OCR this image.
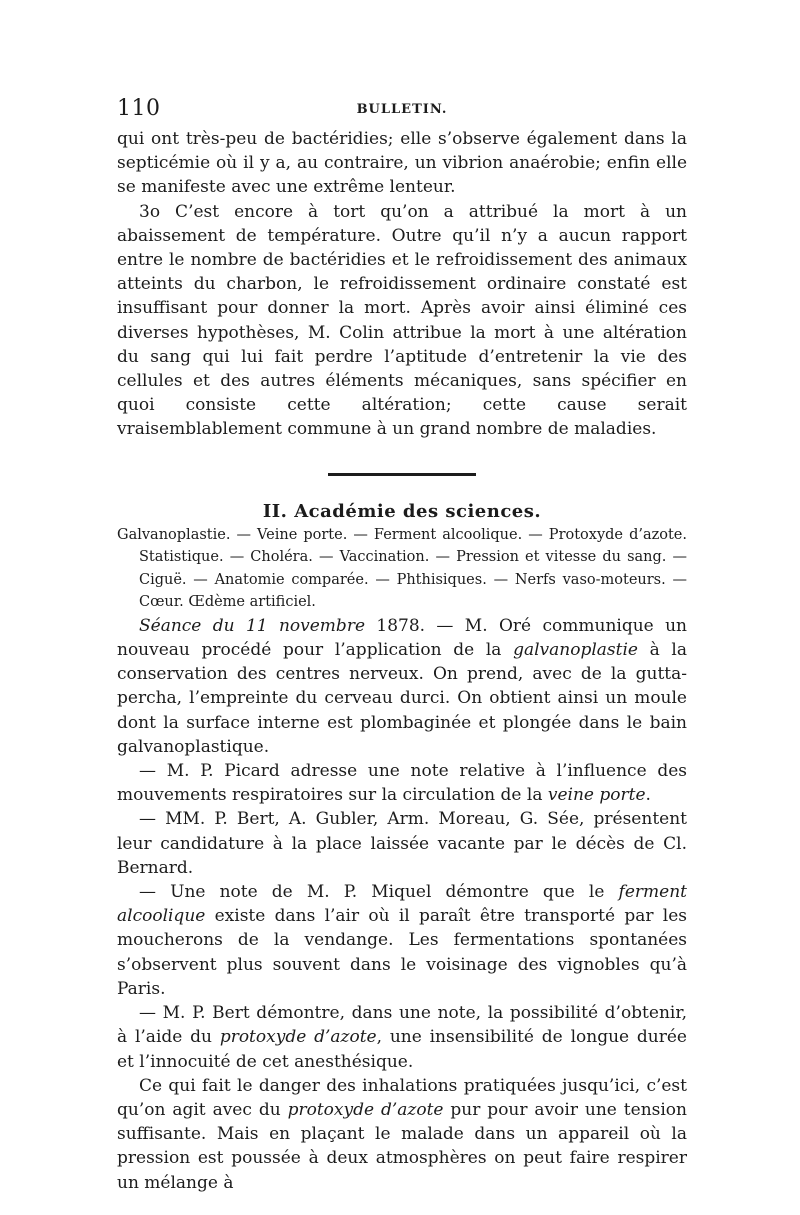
110	BULLETIN.

qui ont très-peu de bactéridies; elle s’observe également dans la septicémie où il y a, au contraire, un vibrion anaérobie; enfin elle se manifeste avec une extrême lenteur.

3o C’est encore à tort qu’on a attribué la mort à un abaissement de température. Outre qu’il n’y a aucun rapport entre le nombre de bactéridies et le refroidissement des animaux atteints du charbon, le refroidissement ordinaire constaté est insuffisant pour donner la mort. Après avoir ainsi éliminé ces diverses hypothèses, M. Colin attribue la mort à une altération du sang qui lui fait perdre l’aptitude d’entretenir la vie des cellules et des autres éléments mécaniques, sans spécifier en quoi consiste cette altération; cette cause serait vraisemblablement commune à un grand nombre de maladies.

II. Académie des sciences.

Galvanoplastie. — Veine porte. — Ferment alcoolique. — Protoxyde d’azote. Statistique. — Choléra. — Vaccination. — Pression et vitesse du sang. — Ciguë. — Anatomie comparée. — Phthisiques. — Nerfs vaso-moteurs. — Cœur. Œdème artificiel.

Séance du 11 novembre 1878. — M. Oré communique un nouveau procédé pour l’application de la galvanoplastie à la conservation des centres nerveux. On prend, avec de la gutta-percha, l’empreinte du cerveau durci. On obtient ainsi un moule dont la surface interne est plombaginée et plongée dans le bain galvanoplastique.

— M. P. Picard adresse une note relative à l’influence des mouvements respiratoires sur la circulation de la veine porte.

— MM. P. Bert, A. Gubler, Arm. Moreau, G. Sée, présentent leur candidature à la place laissée vacante par le décès de Cl. Bernard.

— Une note de M. P. Miquel démontre que le ferment alcoolique existe dans l’air où il paraît être transporté par les moucherons de la vendange. Les fermentations spontanées s’observent plus souvent dans le voisinage des vignobles qu’à Paris.

— M. P. Bert démontre, dans une note, la possibilité d’obtenir, à l’aide du protoxyde d’azote, une insensibilité de longue durée et l’innocuité de cet anesthésique.

Ce qui fait le danger des inhalations pratiquées jusqu’ici, c’est qu’on agit avec du protoxyde d’azote pur pour avoir une tension suffisante. Mais en plaçant le malade dans un appareil où la pression est poussée à deux atmosphères on peut faire respirer un mélange à
